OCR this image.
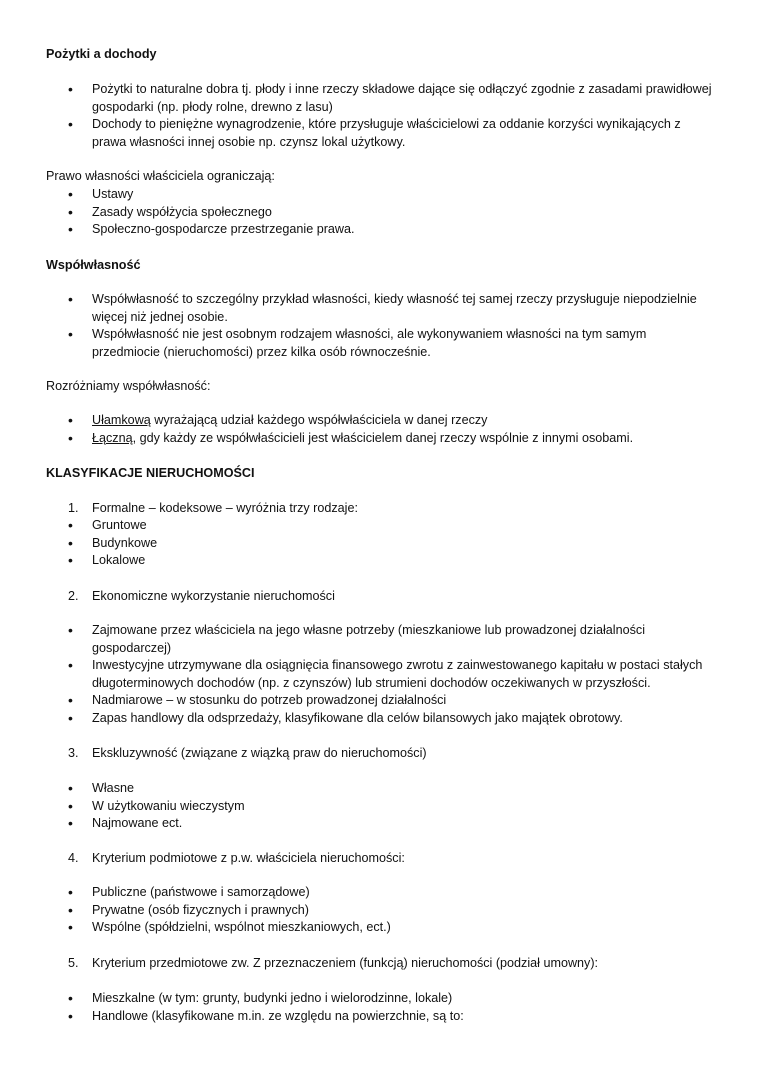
Pożytki a dochody

• Pożytki to naturalne dobra tj. płody i inne rzeczy składowe dające się odłączyć zgodnie z zasadami prawidłowej gospodarki (np. płody rolne, drewno z lasu)
• Dochody to pieniężne wynagrodzenie, które przysługuje właścicielowi za oddanie korzyści wynikających z prawa własności innej osobie np. czynsz lokal użytkowy.

Prawo własności właściciela ograniczają:

• Ustawy
• Zasady współżycia społecznego
• Społeczno-gospodarcze przestrzeganie prawa.

Współwłasność

• Współwłasność to szczególny przykład własności, kiedy własność tej samej rzeczy przysługuje niepodzielnie więcej niż jednej osobie.
• Współwłasność nie jest osobnym rodzajem własności, ale wykonywaniem własności na tym samym przedmiocie (nieruchomości) przez kilka osób równocześnie.

Rozróżniamy współwłasność:

• Ułamkową wyrażającą udział każdego współwłaściciela w danej rzeczy
• Łączną, gdy każdy ze współwłaścicieli jest właścicielem danej rzeczy wspólnie z innymi osobami.

KLASYFIKACJE NIERUCHOMOŚCI

1. Formalne – kodeksowe – wyróżnia trzy rodzaje:
• Gruntowe
• Budynkowe
• Lokalowe
2. Ekonomiczne wykorzystanie nieruchomości
• Zajmowane przez właściciela na jego własne potrzeby (mieszkaniowe lub prowadzonej działalności gospodarczej)
• Inwestycyjne utrzymywane dla osiągnięcia finansowego zwrotu z zainwestowanego kapitału w postaci stałych długoterminowych dochodów (np. z czynszów) lub strumieni dochodów oczekiwanych w przyszłości.
• Nadmiarowe – w stosunku do potrzeb prowadzonej działalności
• Zapas handlowy dla odsprzedaży, klasyfikowane dla celów bilansowych jako majątek obrotowy.
3. Ekskluzywność (związane z wiązką praw do nieruchomości)
• Własne
• W użytkowaniu wieczystym
• Najmowane ect.
4. Kryterium podmiotowe z p.w. właściciela nieruchomości:
• Publiczne (państwowe i samorządowe)
• Prywatne (osób fizycznych i prawnych)
• Wspólne (spółdzielni, wspólnot mieszkaniowych, ect.)
5. Kryterium przedmiotowe zw. Z przeznaczeniem (funkcją) nieruchomości (podział umowny):
• Mieszkalne (w tym: grunty, budynki jedno i wielorodzinne, lokale)
• Handlowe (klasyfikowane m.in. ze względu na powierzchnie, są to:
